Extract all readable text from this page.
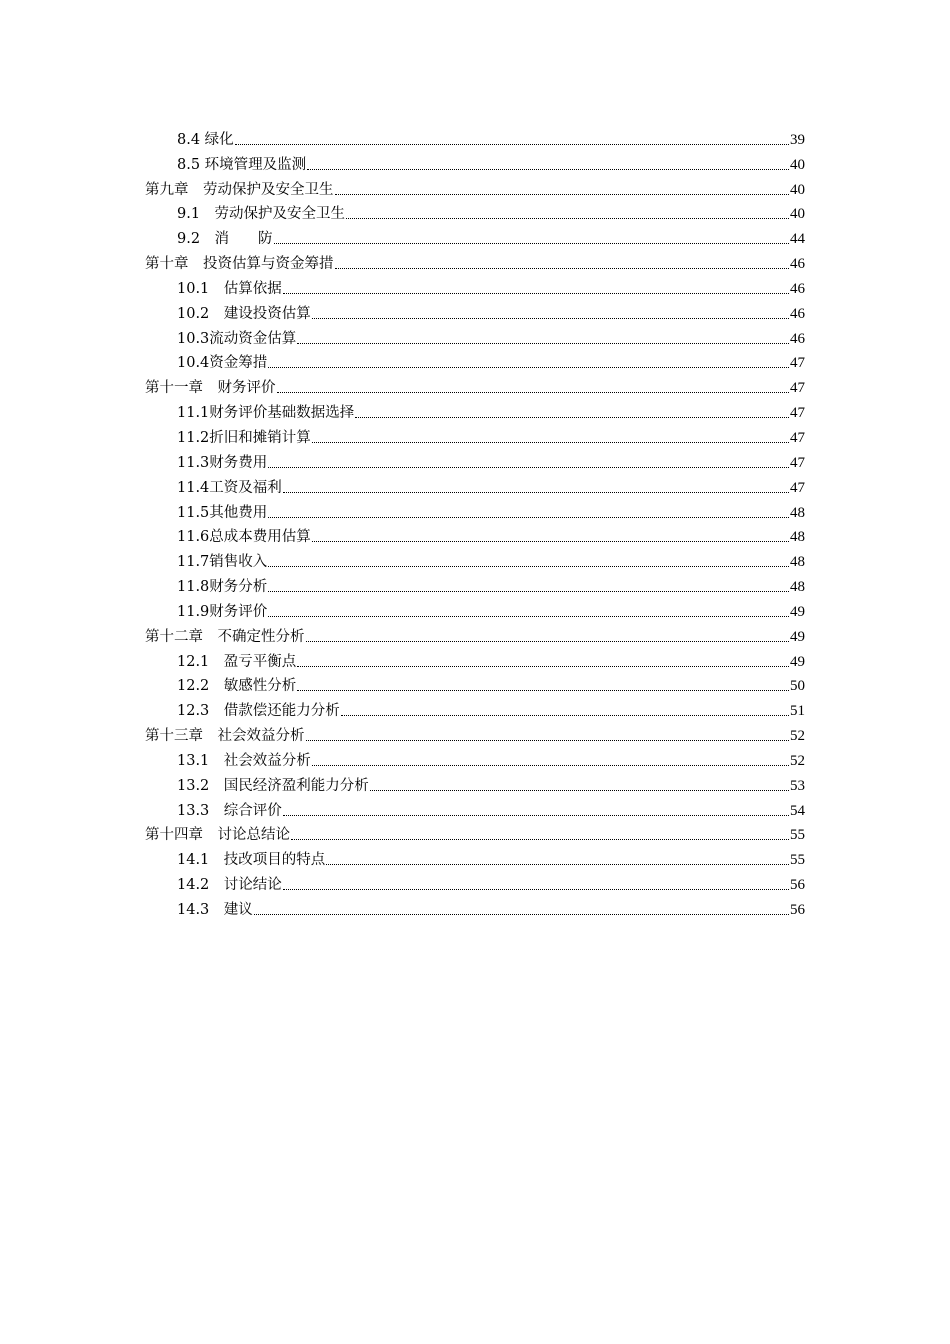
8.4 绿化	39
8.5 环境管理及监测	40
第九章　劳动保护及安全卫生	40
9.1　劳动保护及安全卫生	40
9.2　消　　防	44
第十章　投资估算与资金筹措	46
10.1　估算依据	46
10.2　建设投资估算	46
10.3流动资金估算	46
10.4资金筹措	47
第十一章　财务评价	47
11.1财务评价基础数据选择	47
11.2折旧和摊销计算	47
11.3财务费用	47
11.4工资及福利	47
11.5其他费用	48
11.6总成本费用估算	48
11.7销售收入	48
11.8财务分析	48
11.9财务评价	49
第十二章　不确定性分析	49
12.1　盈亏平衡点	49
12.2　敏感性分析	50
12.3　借款偿还能力分析	51
第十三章　社会效益分析	52
13.1　社会效益分析	52
13.2　国民经济盈利能力分析	53
13.3　综合评价	54
第十四章　讨论总结论	55
14.1　技改项目的特点	55
14.2　讨论结论	56
14.3　建议	56
